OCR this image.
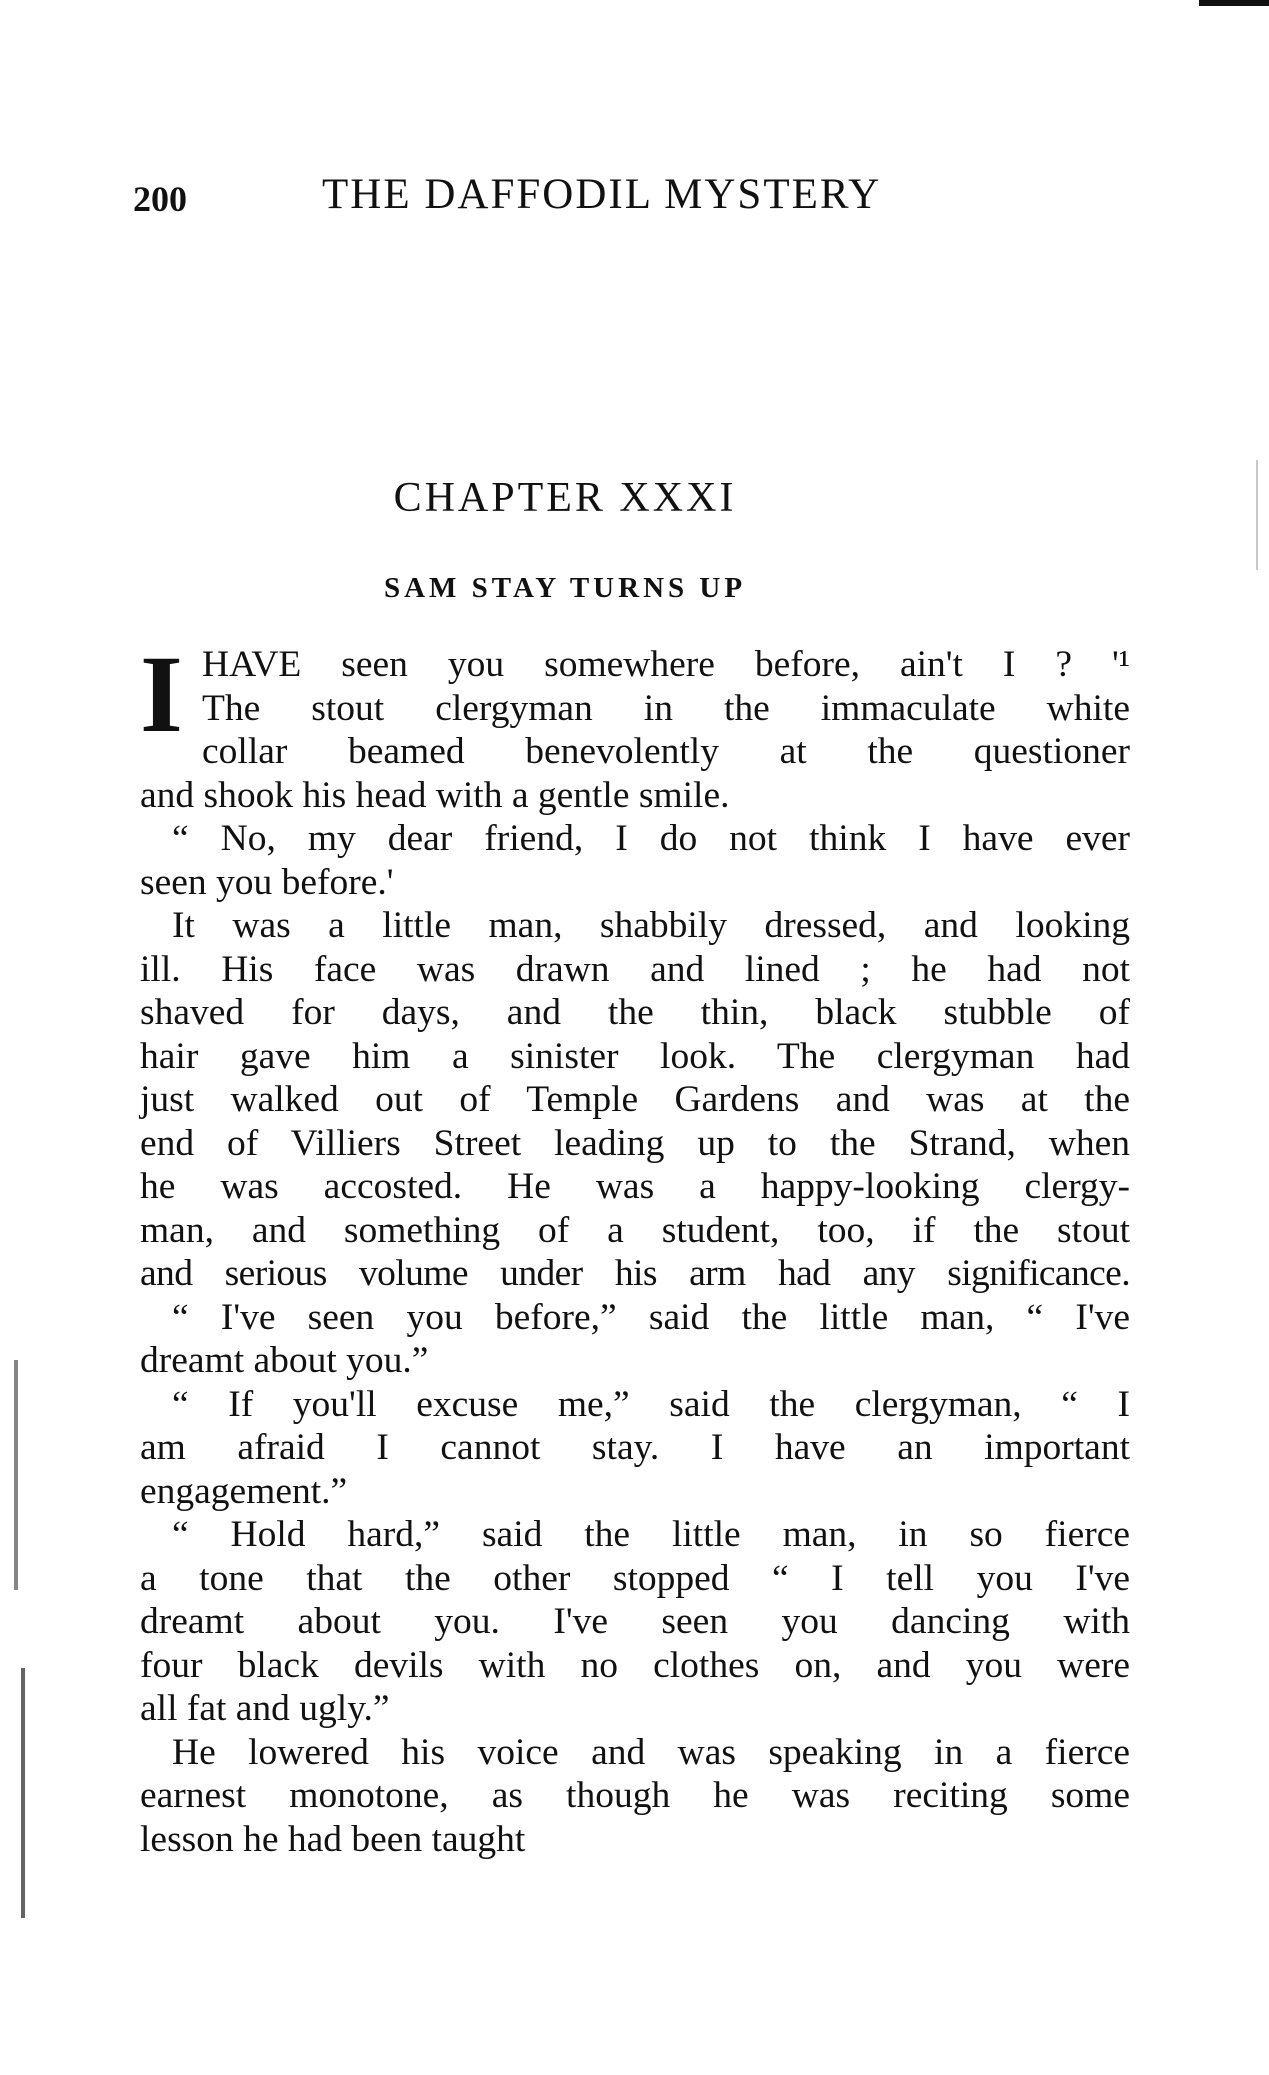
200	THE DAFFODIL MYSTERY
CHAPTER XXXI
SAM STAY TURNS UP
I HAVE seen you somewhere before, ain't I ? '¹
The stout clergyman in the immaculate white
collar beamed benevolently at the questioner
and shook his head with a gentle smile.
“ No, my dear friend, I do not think I have ever
seen you before.'
It was a little man, shabbily dressed, and looking
ill. His face was drawn and lined ; he had not
shaved for days, and the thin, black stubble of
hair gave him a sinister look. The clergyman had
just walked out of Temple Gardens and was at the
end of Villiers Street leading up to the Strand, when
he was accosted. He was a happy-looking clergy-
man, and something of a student, too, if the stout
and serious volume under his arm had any significance.
“ I've seen you before,” said the little man, “ I've
dreamt about you.”
“ If you'll excuse me,” said the clergyman, “ I
am afraid I cannot stay. I have an important
engagement.”
“ Hold hard,” said the little man, in so fierce
a tone that the other stopped “ I tell you I've
dreamt about you. I've seen you dancing with
four black devils with no clothes on, and you were
all fat and ugly.”
He lowered his voice and was speaking in a fierce
earnest monotone, as though he was reciting some
lesson he had been taught
